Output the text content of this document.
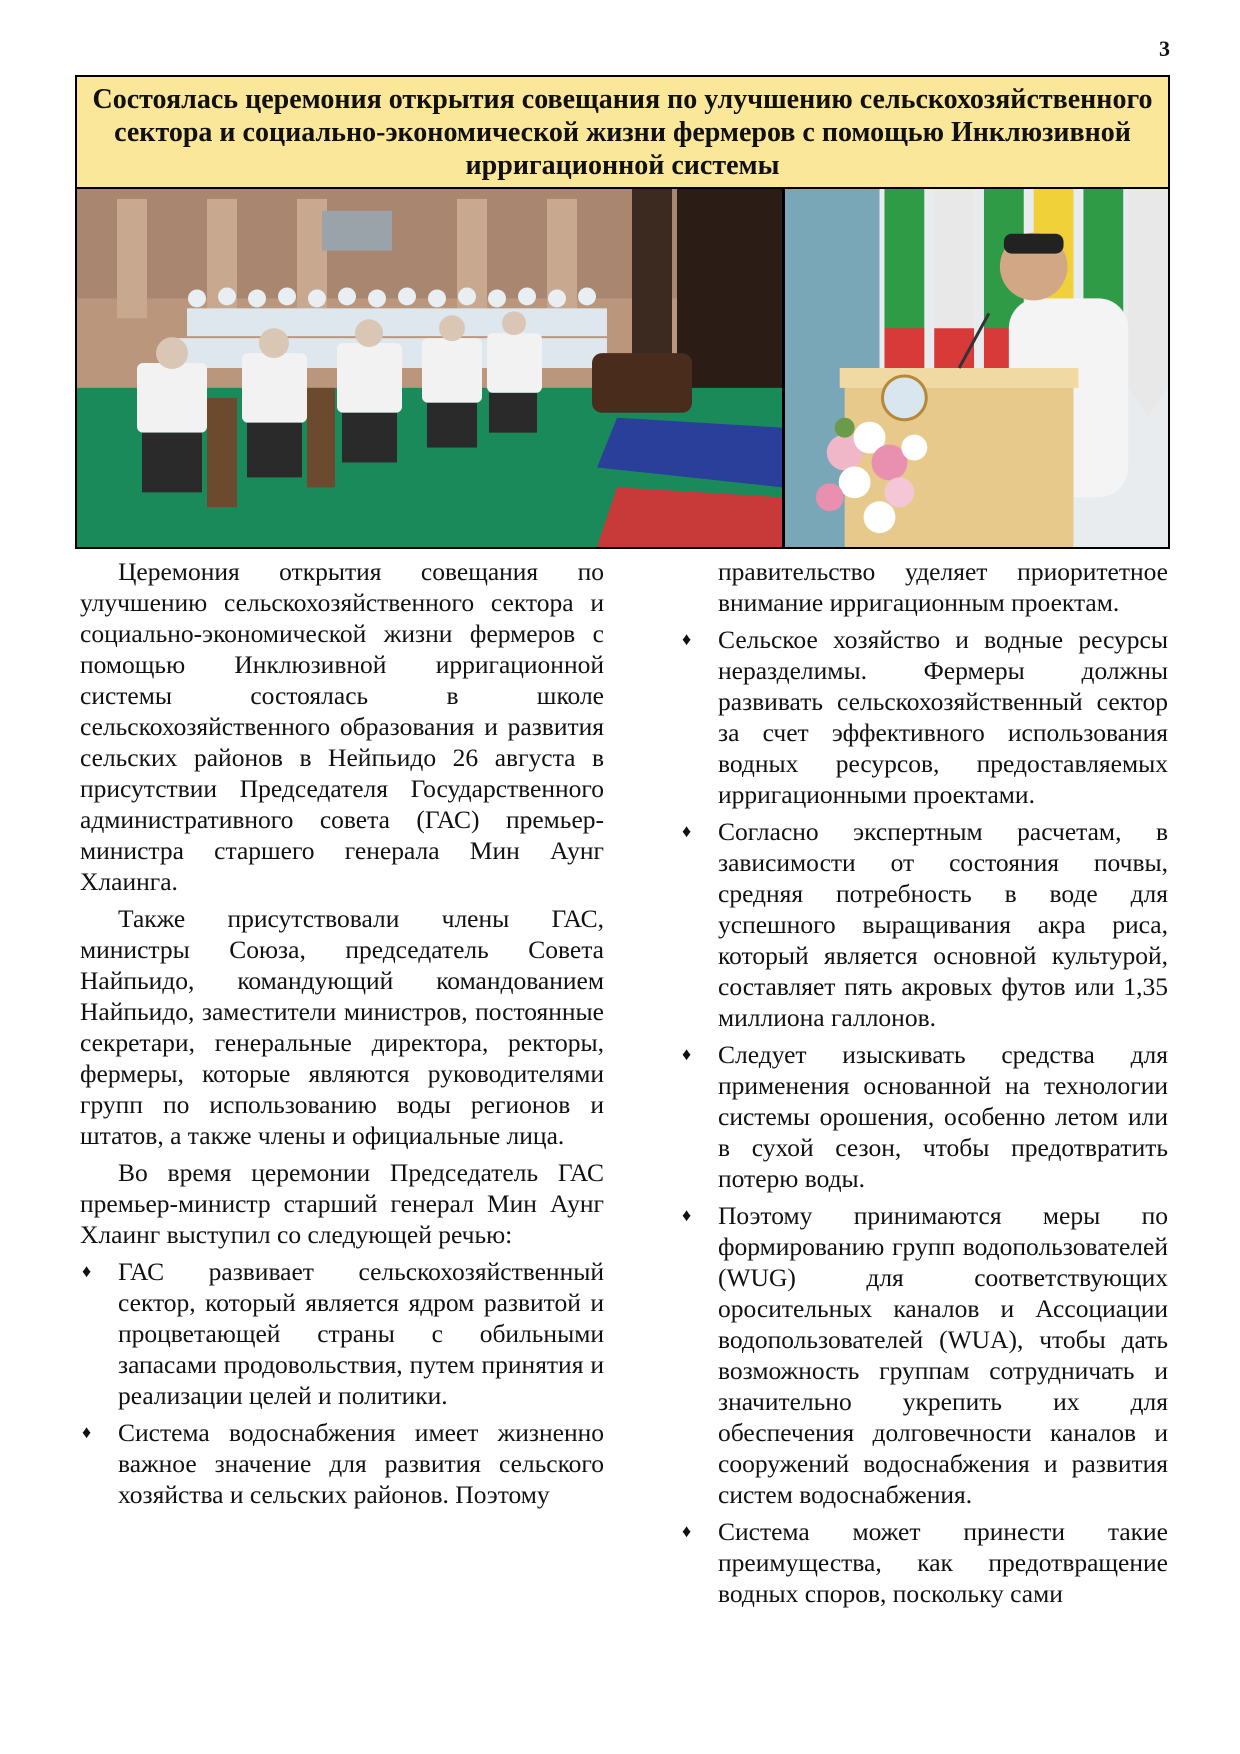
3
Состоялась церемония открытия совещания по улучшению сельскохозяйственного сектора и социально-экономической жизни фермеров с помощью Инклюзивной ирригационной системы

Церемония открытия совещания по улучшению сельскохозяйственного сектора и социально-экономической жизни фермеров с помощью Инклюзивной ирригационной системы состоялась в школе сельскохозяйственного образования и развития сельских районов в Нейпьидо 26 августа в присутствии Председателя Государственного административного совета (ГАС) премьер-министра старшего генерала Мин Аунг Хлаинга.

Также присутствовали члены ГАС, министры Союза, председатель Совета Найпьидо, командующий командованием Найпьидо, заместители министров, постоянные секретари, генеральные директора, ректоры, фермеры, которые являются руководителями групп по использованию воды регионов и штатов, а также члены и официальные лица.

Во время церемонии Председатель ГАС премьер-министр старший генерал Мин Аунг Хлаинг выступил со следующей речью:

♦ ГАС развивает сельскохозяйственный сектор, который является ядром развитой и процветающей страны с обильными запасами продовольствия, путем принятия и реализации целей и политики.
♦ Система водоснабжения имеет жизненно важное значение для развития сельского хозяйства и сельских районов. Поэтому

правительство уделяет приоритетное внимание ирригационным проектам.

♦ Сельское хозяйство и водные ресурсы неразделимы. Фермеры должны развивать сельскохозяйственный сектор за счет эффективного использования водных ресурсов, предоставляемых ирригационными проектами.
♦ Согласно экспертным расчетам, в зависимости от состояния почвы, средняя потребность в воде для успешного выращивания акра риса, который является основной культурой, составляет пять акровых футов или 1,35 миллиона галлонов.
♦ Следует изыскивать средства для применения основанной на технологии системы орошения, особенно летом или в сухой сезон, чтобы предотвратить потерю воды.
♦ Поэтому принимаются меры по формированию групп водопользователей (WUG) для соответствующих оросительных каналов и Ассоциации водопользователей (WUA), чтобы дать возможность группам сотрудничать и значительно укрепить их для обеспечения долговечности каналов и сооружений водоснабжения и развития систем водоснабжения.
♦ Система может принести такие преимущества, как предотвращение водных споров, поскольку сами
